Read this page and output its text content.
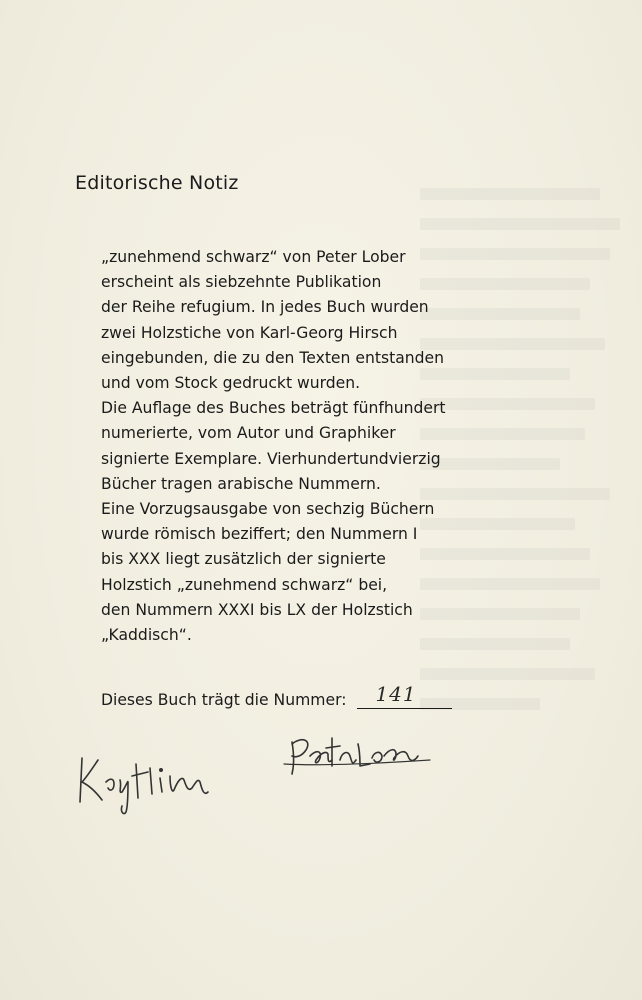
Editorische Notiz
„zunehmend schwarz“ von Peter Lober
erscheint als siebzehnte Publikation
der Reihe refugium. In jedes Buch wurden
zwei Holzstiche von Karl-Georg Hirsch
eingebunden, die zu den Texten entstanden
und vom Stock gedruckt wurden.
Die Auflage des Buches beträgt fünfhundert
numerierte, vom Autor und Graphiker
signierte Exemplare. Vierhundertundvierzig
Bücher tragen arabische Nummern.
Eine Vorzugsausgabe von sechzig Büchern
wurde römisch beziffert; den Nummern I
bis XXX liegt zusätzlich der signierte
Holzstich „zunehmend schwarz“ bei,
den Nummern XXXI bis LX der Holzstich
„Kaddisch“.
Dieses Buch trägt die Nummer: 141
